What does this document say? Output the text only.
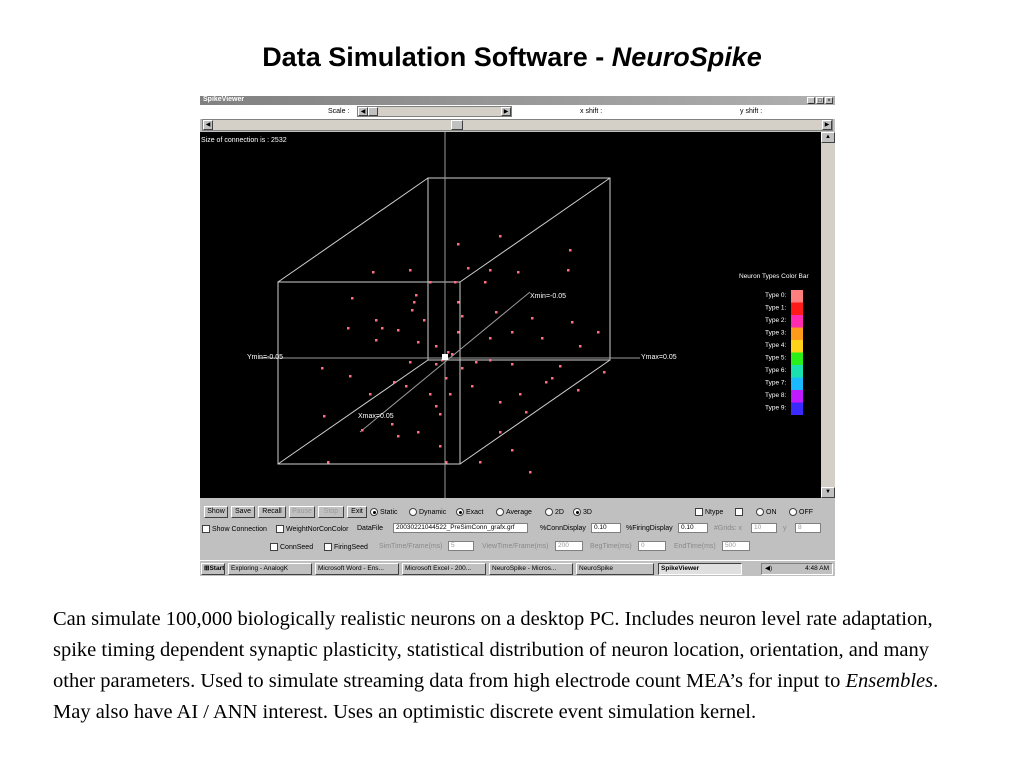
Data Simulation Software - NeuroSpike
SpikeViewer	_ □ ×
Scale :	◀	▶	x shift :	y shift :
◀	▶
Size of connection is : 2532
Xmin=-0.05
Xmax=0.05
Ymin=-0.05	Ymax=0.05
Neuron Types Color Bar
Type 0:
Type 1:
Type 2:
Type 3:
Type 4:
Type 5:
Type 6:
Type 7:
Type 8:
Type 9:
▲
▼
Show	Save	Recall	Pause	Stop	Exit	Static	Dynamic	Exact	Average	2D	3D	Ntype	ON	OFF
Show Connection	WeightNorConColor DataFile	20030221044522_PreSimConn_grafx.grf	%ConnDisplay	0.10	%FiringDisplay	0.10	#Grids: x	10	y	8
ConnSeed	FiringSeed SimTime/Frame(ms)	5	ViewTime/Frame(ms)	200	BegTime(ms)	0	EndTime(ms)	500
⊞Start	Exploring - AnalogK	Microsoft Word - Ens...	Microsoft Excel - 200...	NeuroSpike - Micros...	NeuroSpike	SpikeViewer	◀)	4:48 AM

Can simulate 100,000 biologically realistic neurons on a desktop PC. Includes neuron level rate adaptation, spike timing dependent synaptic plasticity, statistical distribution of neuron location, orientation, and many other parameters. Used to simulate streaming data from high electrode count MEA’s for input to Ensembles. May also have AI / ANN interest. Uses an optimistic discrete event simulation kernel.
